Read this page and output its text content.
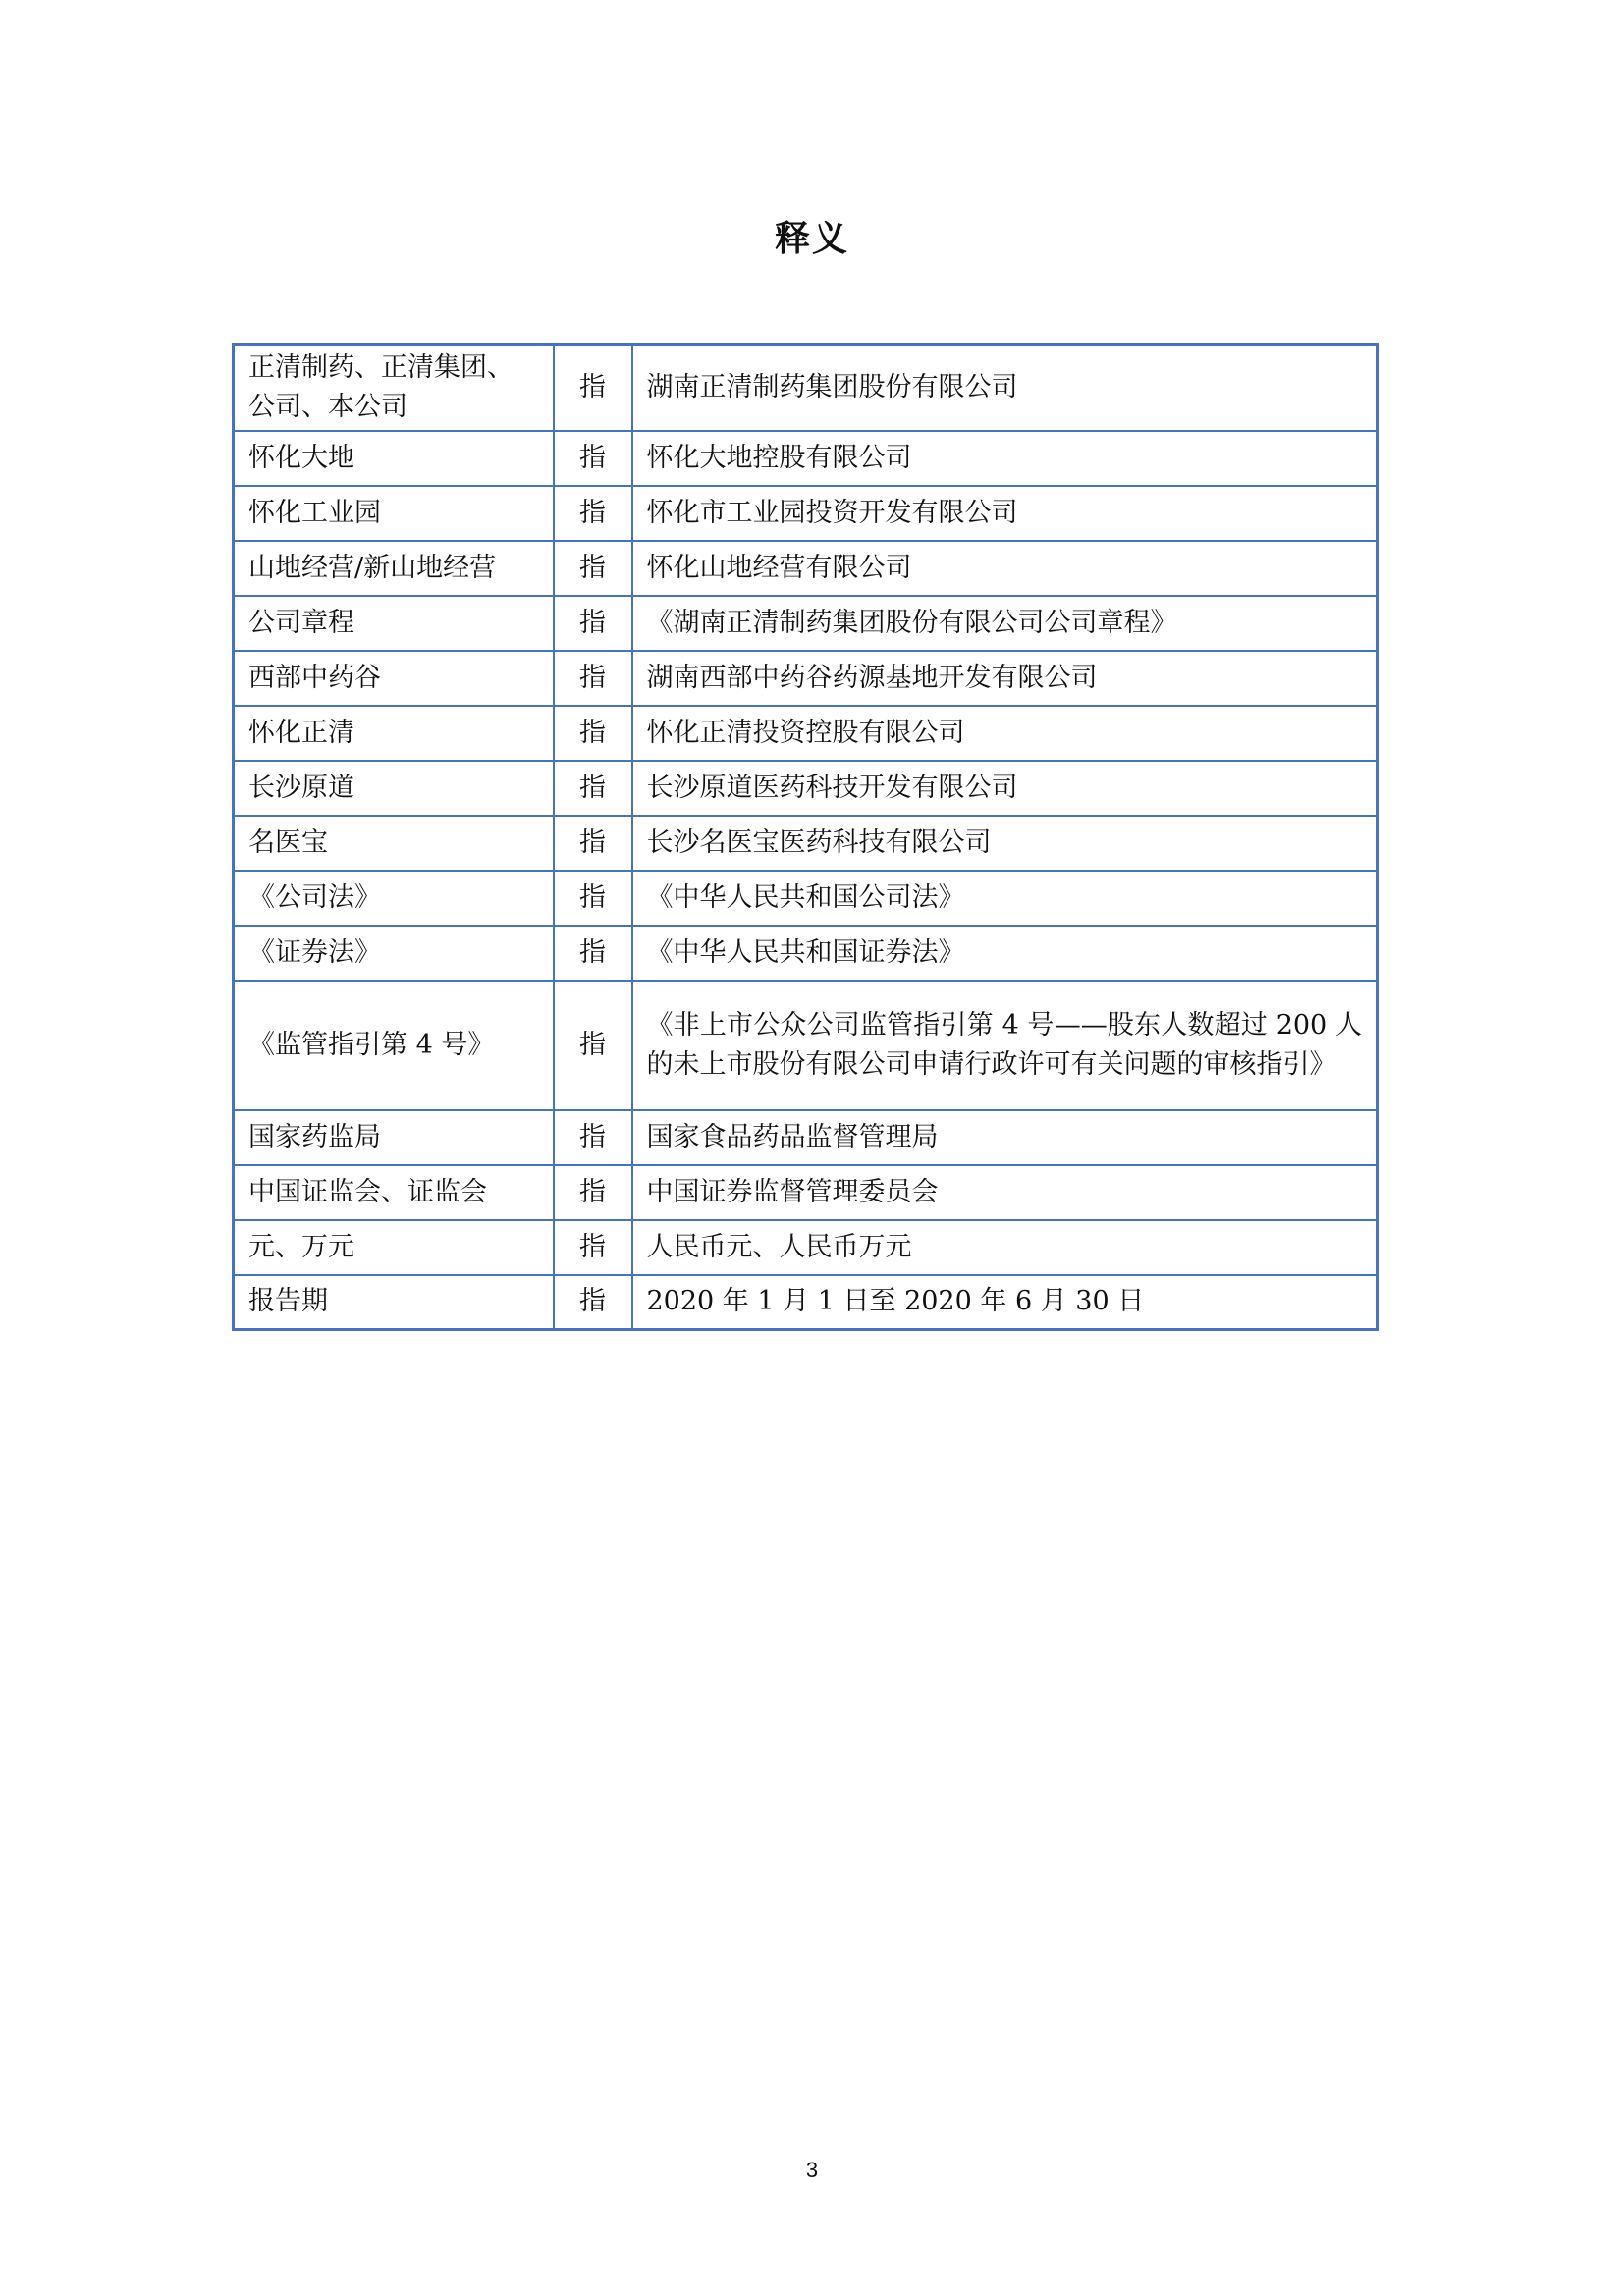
释义
正清制药、正清集团、公司、本公司	指	湖南正清制药集团股份有限公司
怀化大地	指	怀化大地控股有限公司
怀化工业园	指	怀化市工业园投资开发有限公司
山地经营/新山地经营	指	怀化山地经营有限公司
公司章程	指	《湖南正清制药集团股份有限公司公司章程》
西部中药谷	指	湖南西部中药谷药源基地开发有限公司
怀化正清	指	怀化正清投资控股有限公司
长沙原道	指	长沙原道医药科技开发有限公司
名医宝	指	长沙名医宝医药科技有限公司
《公司法》	指	《中华人民共和国公司法》
《证券法》	指	《中华人民共和国证券法》
《监管指引第 4 号》	指	《非上市公众公司监管指引第 4 号——股东人数超过 200 人的未上市股份有限公司申请行政许可有关问题的审核指引》
国家药监局	指	国家食品药品监督管理局
中国证监会、证监会	指	中国证券监督管理委员会
元、万元	指	人民币元、人民币万元
报告期	指	2020 年 1 月 1 日至 2020 年 6 月 30 日

3
